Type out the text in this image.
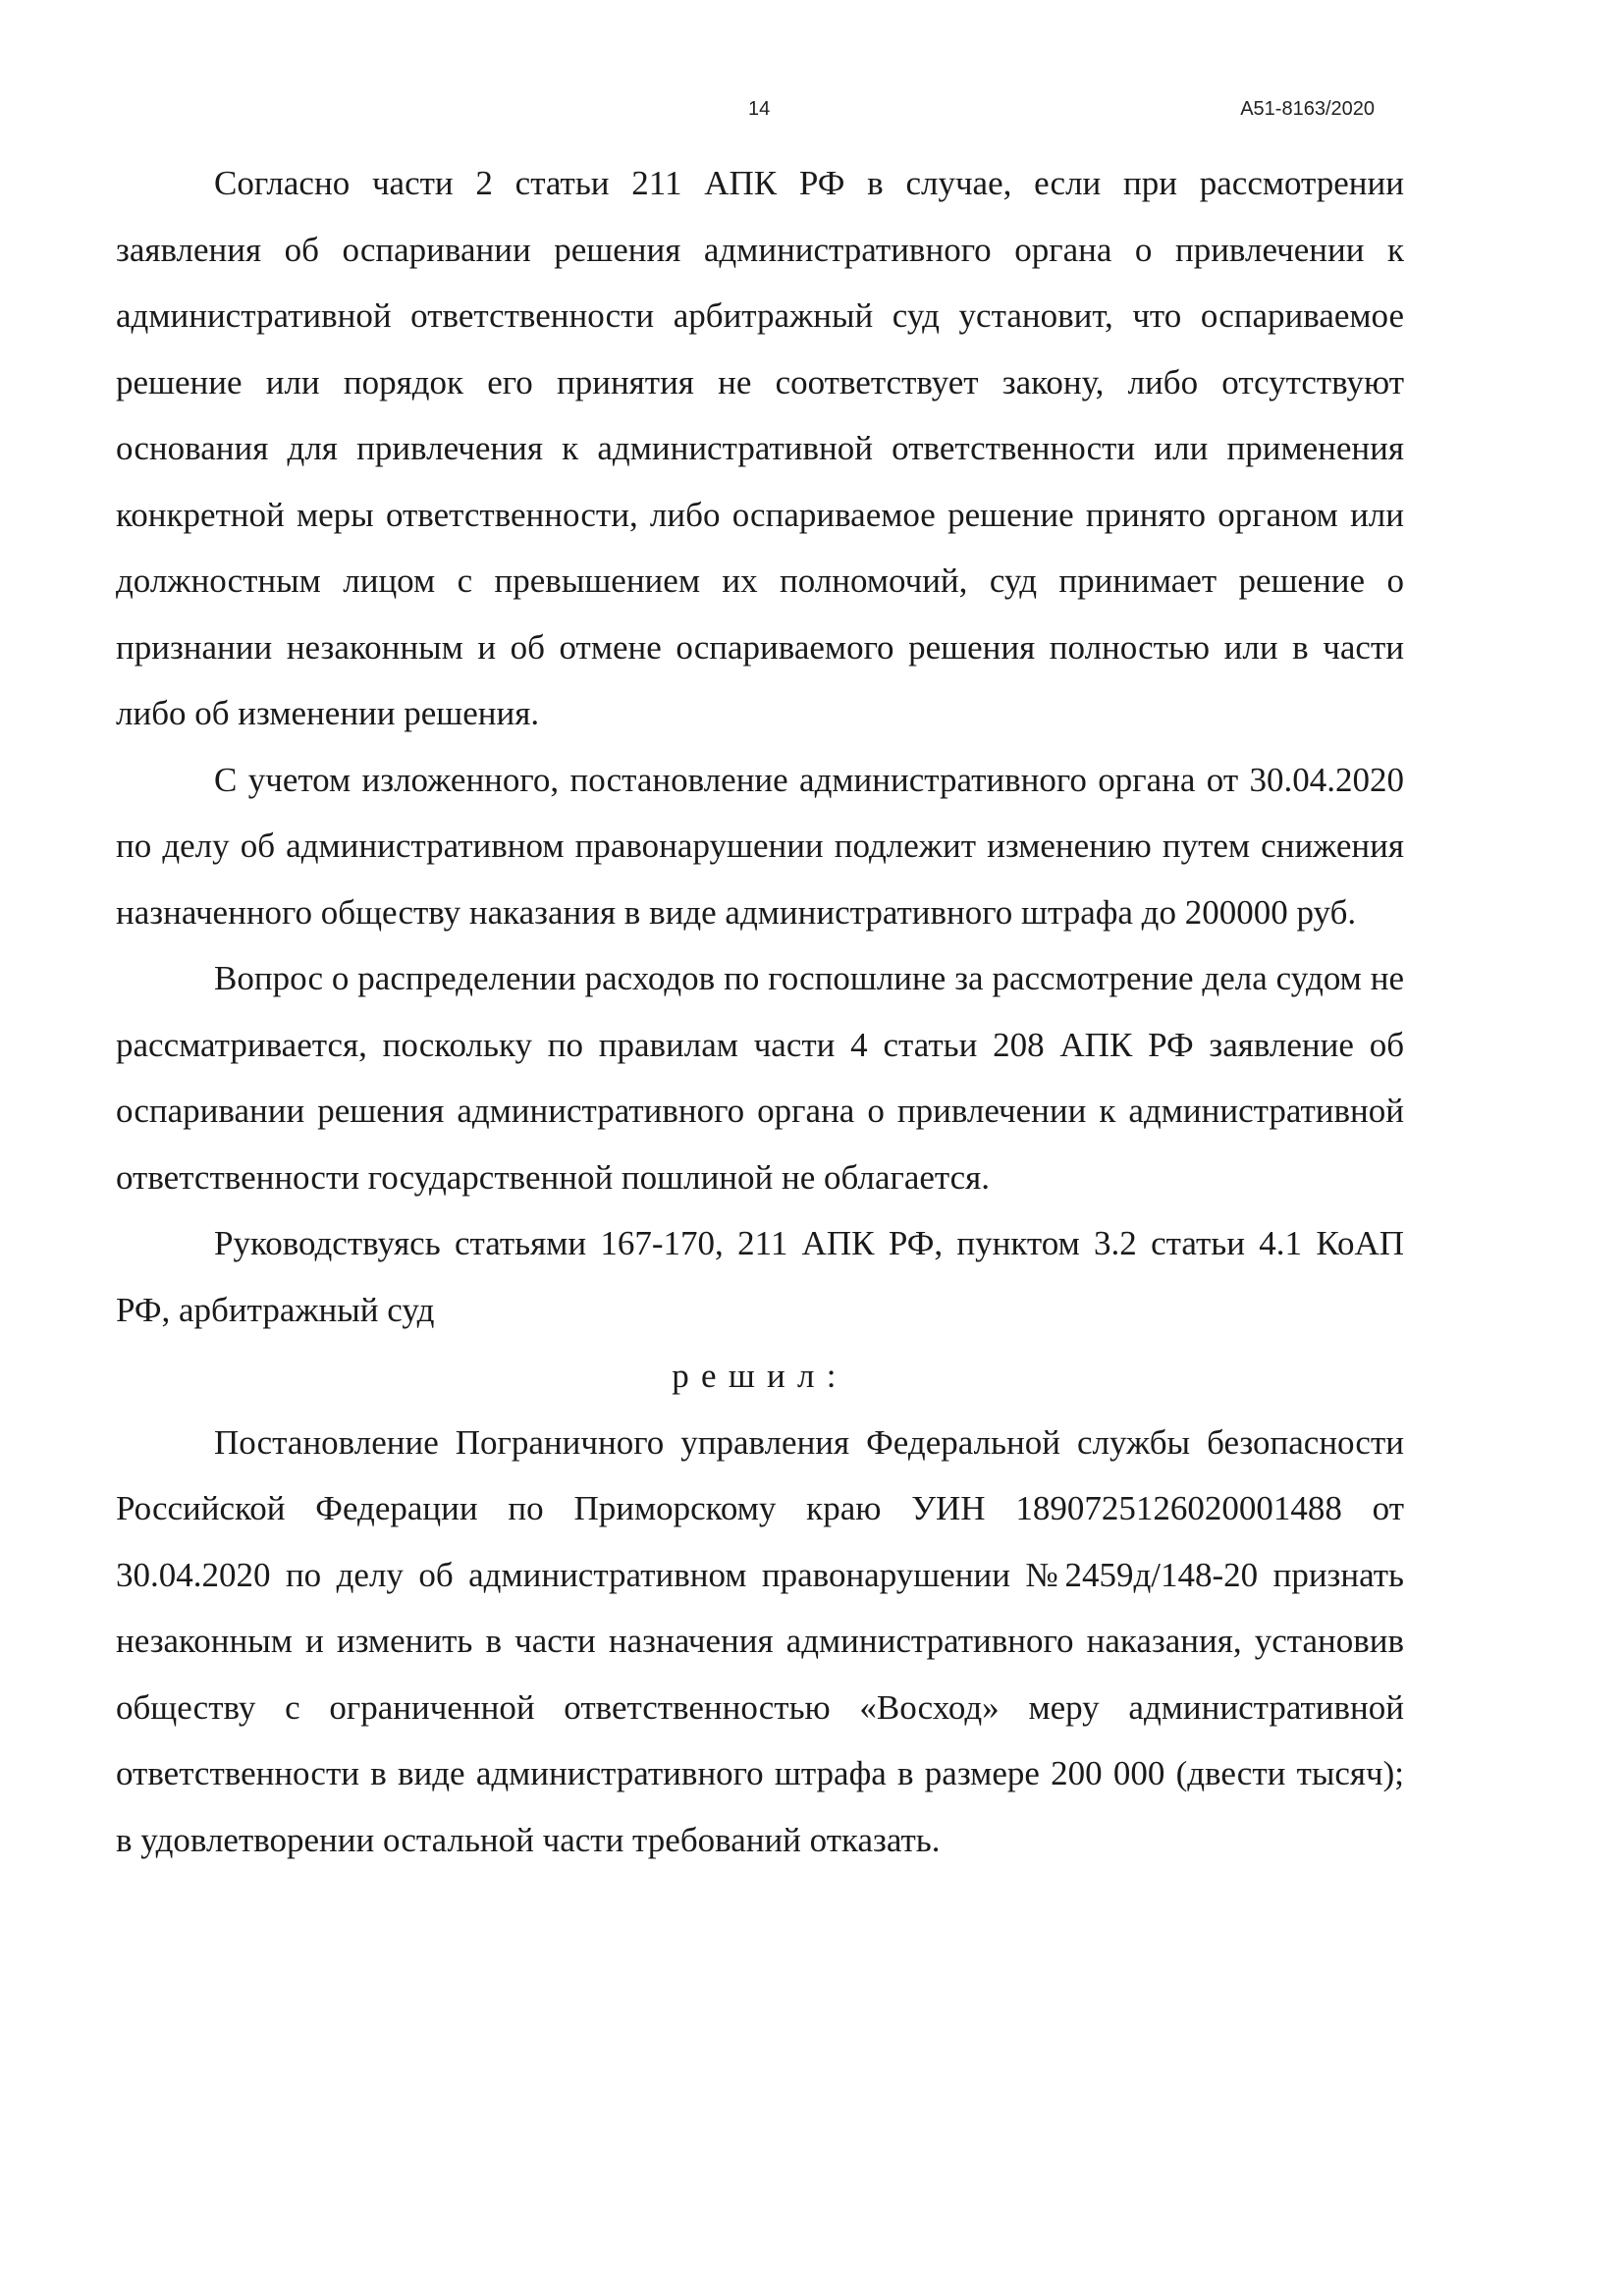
14	А51-8163/2020

Согласно части 2 статьи 211 АПК РФ в случае, если при рассмотрении заявления об оспаривании решения административного органа о привлечении к административной ответственности арбитражный суд установит, что оспариваемое решение или порядок его принятия не соответствует закону, либо отсутствуют основания для привлечения к административной ответственности или применения конкретной меры ответственности, либо оспариваемое решение принято органом или должностным лицом с превышением их полномочий, суд принимает решение о признании незаконным и об отмене оспариваемого решения полностью или в части либо об изменении решения.

С учетом изложенного, постановление административного органа от 30.04.2020 по делу об административном правонарушении подлежит изменению путем снижения назначенного обществу наказания в виде административного штрафа до 200000 руб.

Вопрос о распределении расходов по госпошлине за рассмотрение дела судом не рассматривается, поскольку по правилам части 4 статьи 208 АПК РФ заявление об оспаривании решения административного органа о привлечении к административной ответственности государственной пошлиной не облагается.

Руководствуясь статьями 167-170, 211 АПК РФ, пунктом 3.2 статьи 4.1 КоАП РФ, арбитражный суд

решил:

Постановление Пограничного управления Федеральной службы безопасности Российской Федерации по Приморскому краю УИН 1890725126020001488 от 30.04.2020 по делу об административном правонарушении №2459д/148-20 признать незаконным и изменить в части назначения административного наказания, установив обществу с ограниченной ответственностью «Восход» меру административной ответственности в виде административного штрафа в размере 200 000 (двести тысяч); в удовлетворении остальной части требований отказать.
